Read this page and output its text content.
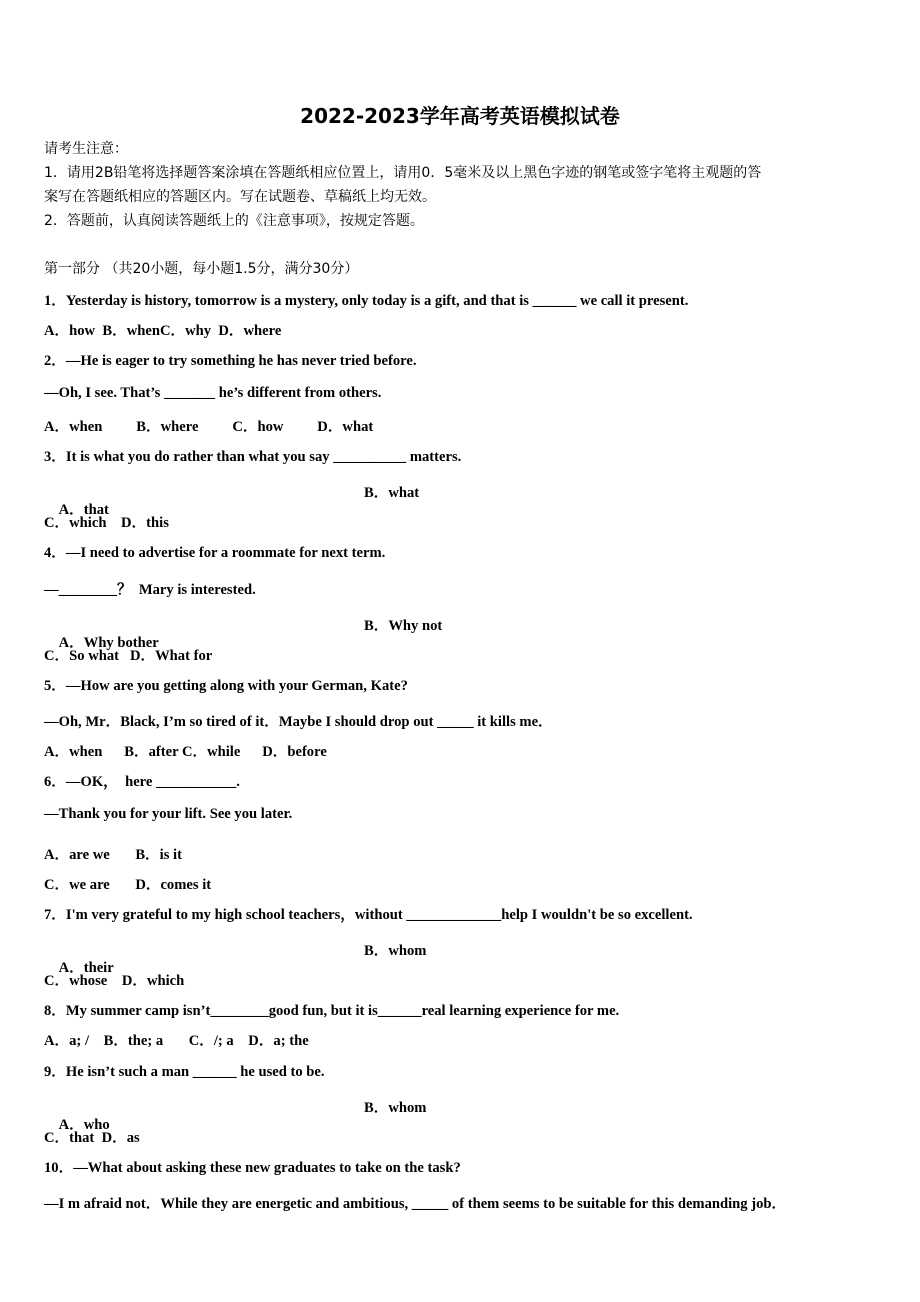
2022-2023学年高考英语模拟试卷
请考生注意：
1．请用2B铅笔将选择题答案涂填在答题纸相应位置上，请用0．5毫米及以上黑色字迹的钢笔或签字笔将主观题的答
案写在答题纸相应的答题区内。写在试题卷、草稿纸上均无效。
2．答题前，认真阅读答题纸上的《注意事项》，按规定答题。
第一部分 （共20小题，每小题1.5分，满分30分）
1．Yesterday is history, tomorrow is a mystery, only today is a gift, and that is ______ we call it present.
A．how  B．whenC．why  D．where
2．—He is eager to try something he has never tried before.
—Oh, I see. That’s _______ he’s different from others.
A．when      B．where      C．how      D．what
3．It is what you do rather than what you say __________ matters.

A．that

B．what

C．which    D．this
4．—I need to advertise for a roommate for next term.
—________？  Mary is interested.

A．Why bother

B．Why not

C．So what   D．What for
5．—How are you getting along with your German, Kate?
—Oh, Mr．Black, I’m so tired of it．Maybe I should drop out _____ it kills me．
A．when      B．after C．while      D．before
6．—OK，  here ___________.
—Thank you for your lift. See you later.
A．are we       B．is it
C．we are       D．comes it
7．I'm very grateful to my high school teachers，without _____________help I wouldn't be so excellent.

A．their

B．whom

C．whose    D．which
8．My summer camp isn’t________good fun, but it is______real learning experience for me.
A．a; /    B．the; a       C．/; a    D．a; the
9．He isn’t such a man ______ he used to be.

A．who

B．whom

C．that  D．as
10．—What about asking these new graduates to take on the task?
—I m afraid not．While they are energetic and ambitious, _____ of them seems to be suitable for this demanding job．
